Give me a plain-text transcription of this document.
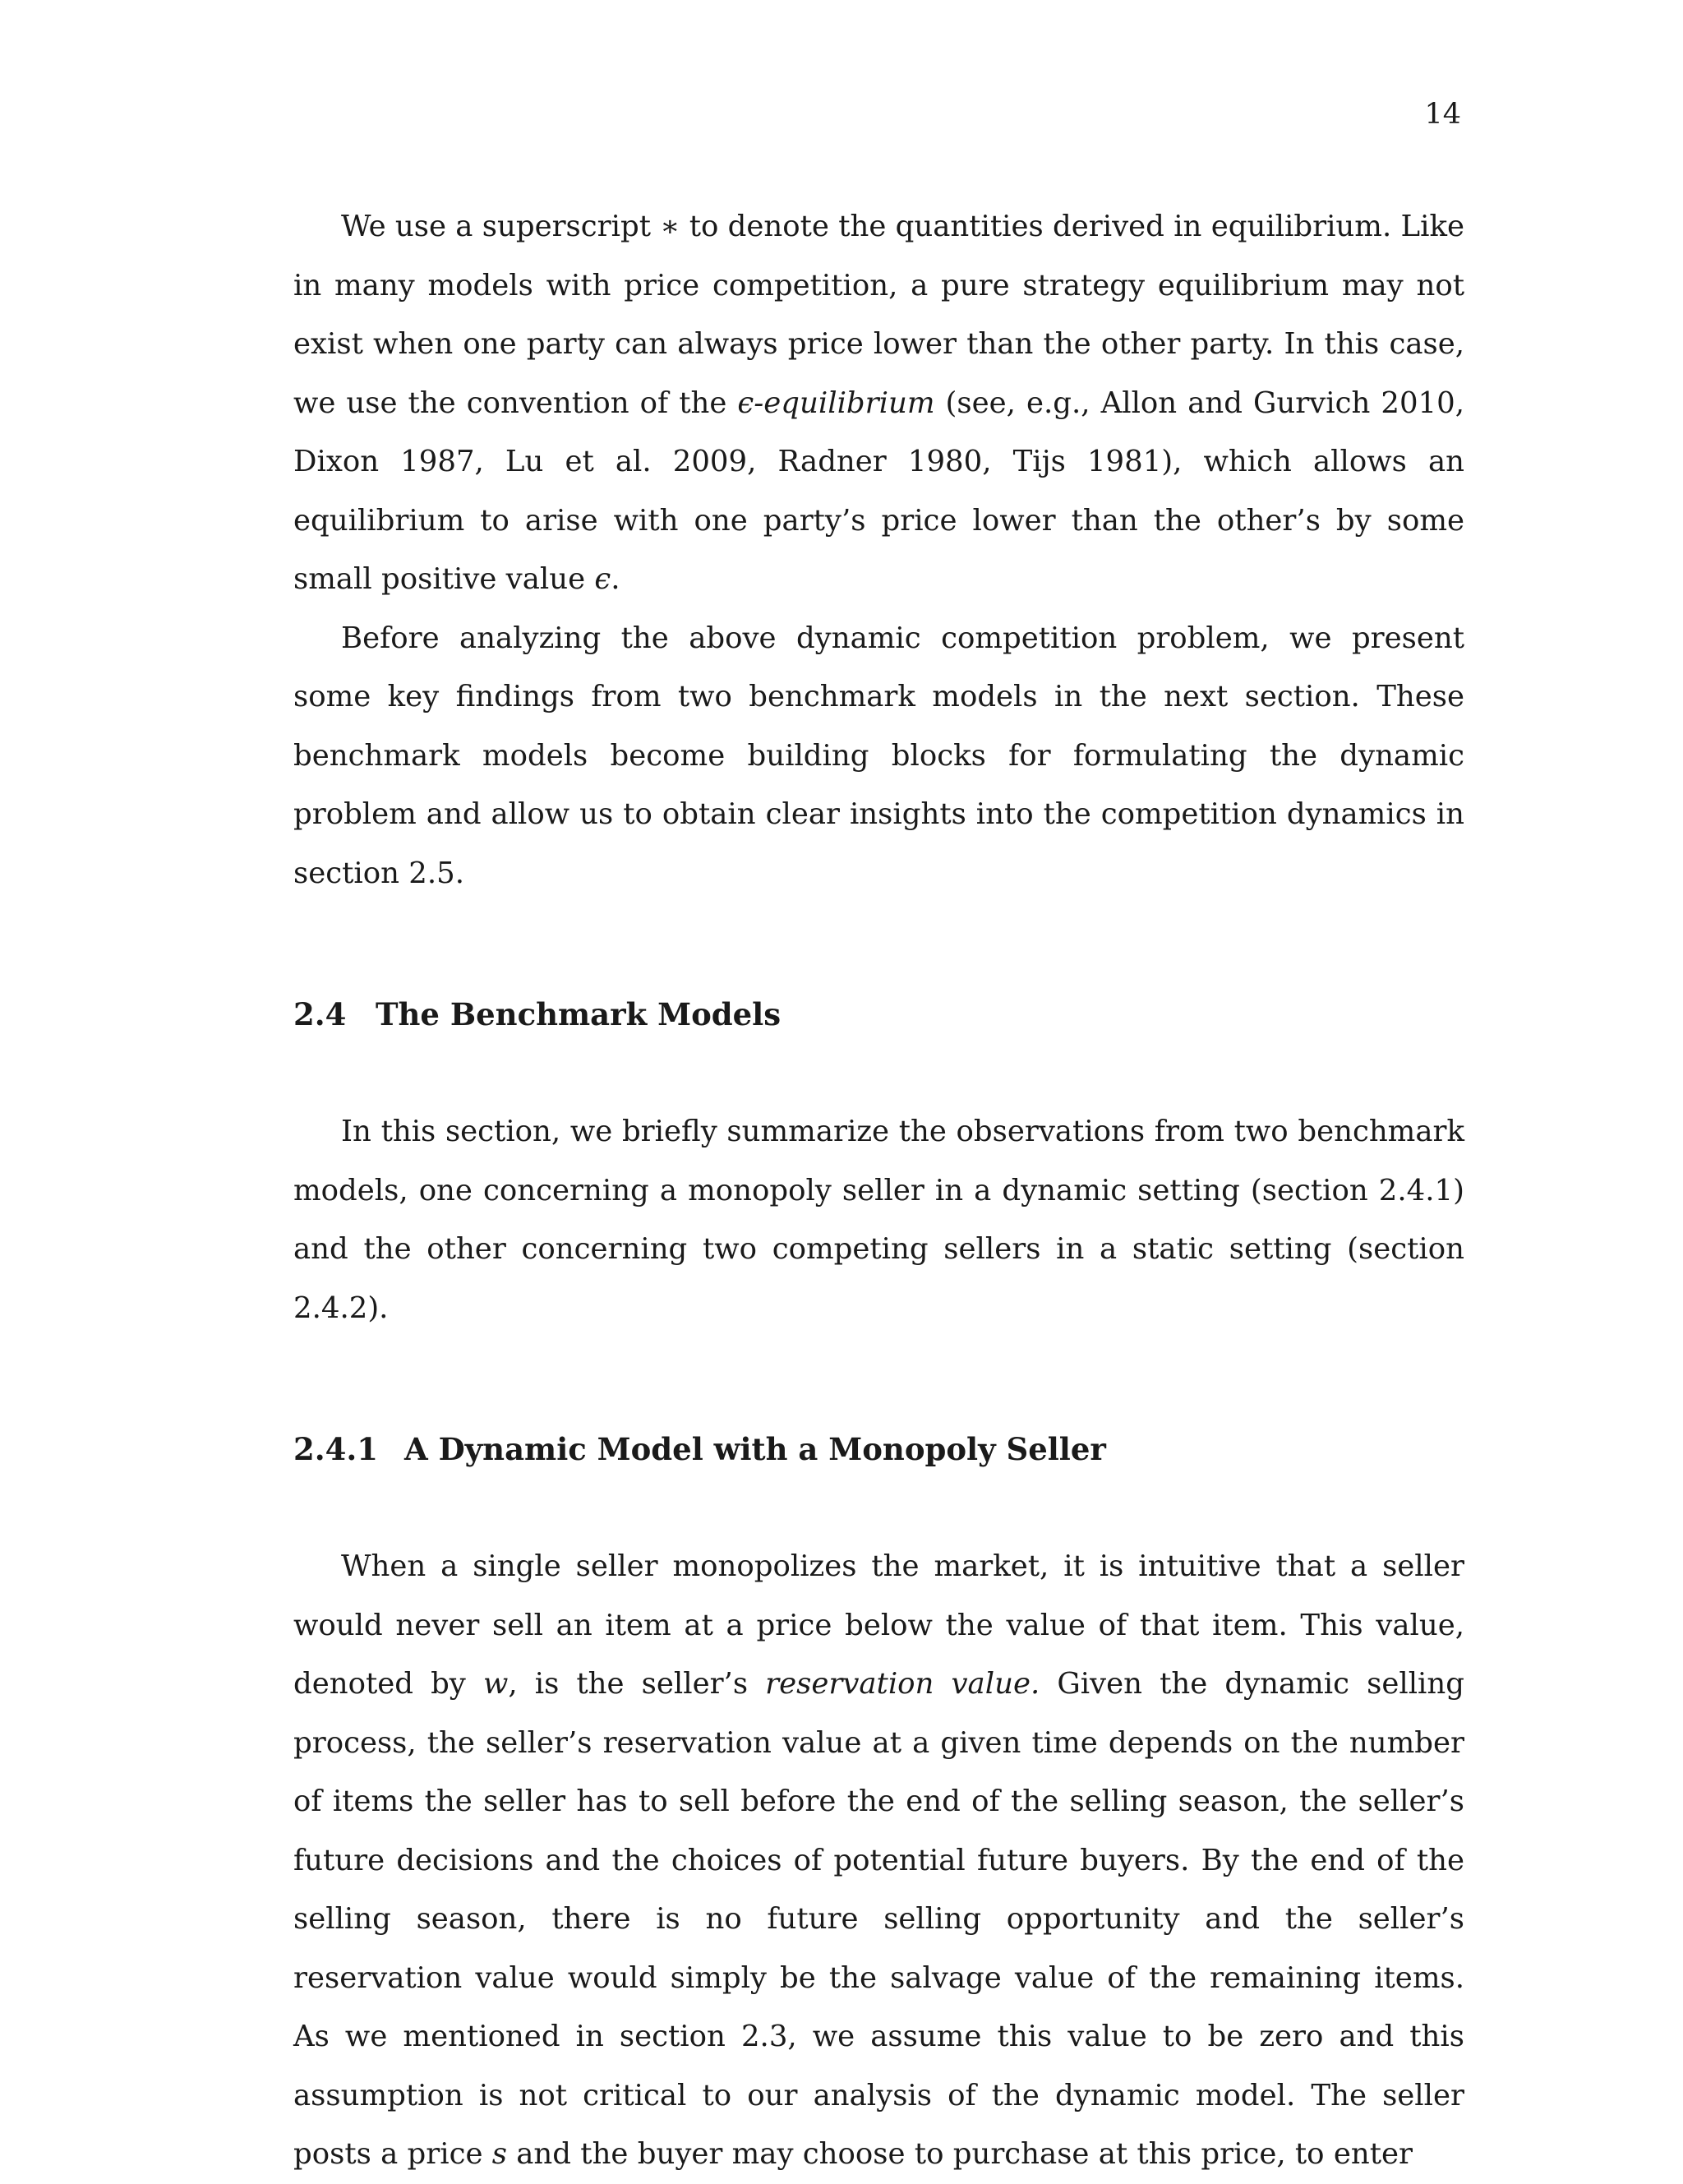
14

We use a superscript ∗ to denote the quantities derived in equilibrium. Like in many models with price competition, a pure strategy equilibrium may not exist when one party can always price lower than the other party. In this case, we use the convention of the ϵ-equilibrium (see, e.g., Allon and Gurvich 2010, Dixon 1987, Lu et al. 2009, Radner 1980, Tijs 1981), which allows an equilibrium to arise with one party’s price lower than the other’s by some small positive value ϵ.

Before analyzing the above dynamic competition problem, we present some key findings from two benchmark models in the next section. These benchmark models become building blocks for formulating the dynamic problem and allow us to obtain clear insights into the competition dynamics in section 2.5.

2.4 The Benchmark Models

In this section, we briefly summarize the observations from two benchmark models, one concerning a monopoly seller in a dynamic setting (section 2.4.1) and the other concerning two competing sellers in a static setting (section 2.4.2).

2.4.1 A Dynamic Model with a Monopoly Seller

When a single seller monopolizes the market, it is intuitive that a seller would never sell an item at a price below the value of that item. This value, denoted by w, is the seller’s reservation value. Given the dynamic selling process, the seller’s reservation value at a given time depends on the number of items the seller has to sell before the end of the selling season, the seller’s future decisions and the choices of potential future buyers. By the end of the selling season, there is no future selling opportunity and the seller’s reservation value would simply be the salvage value of the remaining items. As we mentioned in section 2.3, we assume this value to be zero and this assumption is not critical to our analysis of the dynamic model. The seller posts a price s and the buyer may choose to purchase at this price, to enter
